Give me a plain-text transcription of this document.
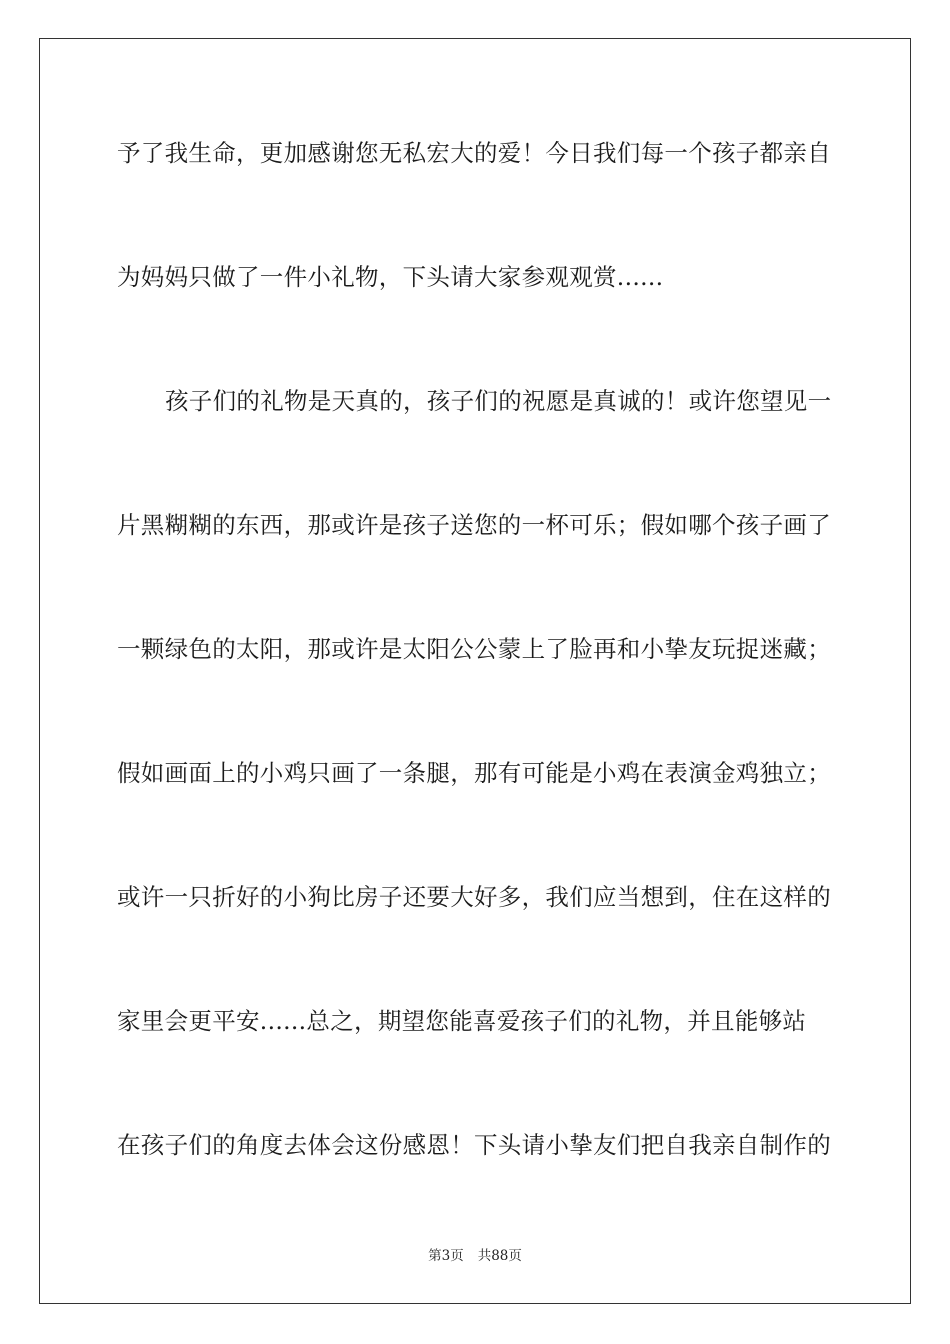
予了我生命，更加感谢您无私宏大的爱！今日我们每一个孩子都亲自
为妈妈只做了一件小礼物，下头请大家参观观赏......
孩子们的礼物是天真的，孩子们的祝愿是真诚的！或许您望见一
片黑糊糊的东西，那或许是孩子送您的一杯可乐；假如哪个孩子画了
一颗绿色的太阳，那或许是太阳公公蒙上了脸再和小挚友玩捉迷藏；
假如画面上的小鸡只画了一条腿，那有可能是小鸡在表演金鸡独立；
或许一只折好的小狗比房子还要大好多，我们应当想到，住在这样的
家里会更平安......总之，期望您能喜爱孩子们的礼物，并且能够站
在孩子们的角度去体会这份感恩！下头请小挚友们把自我亲自制作的
第3页 共88页
